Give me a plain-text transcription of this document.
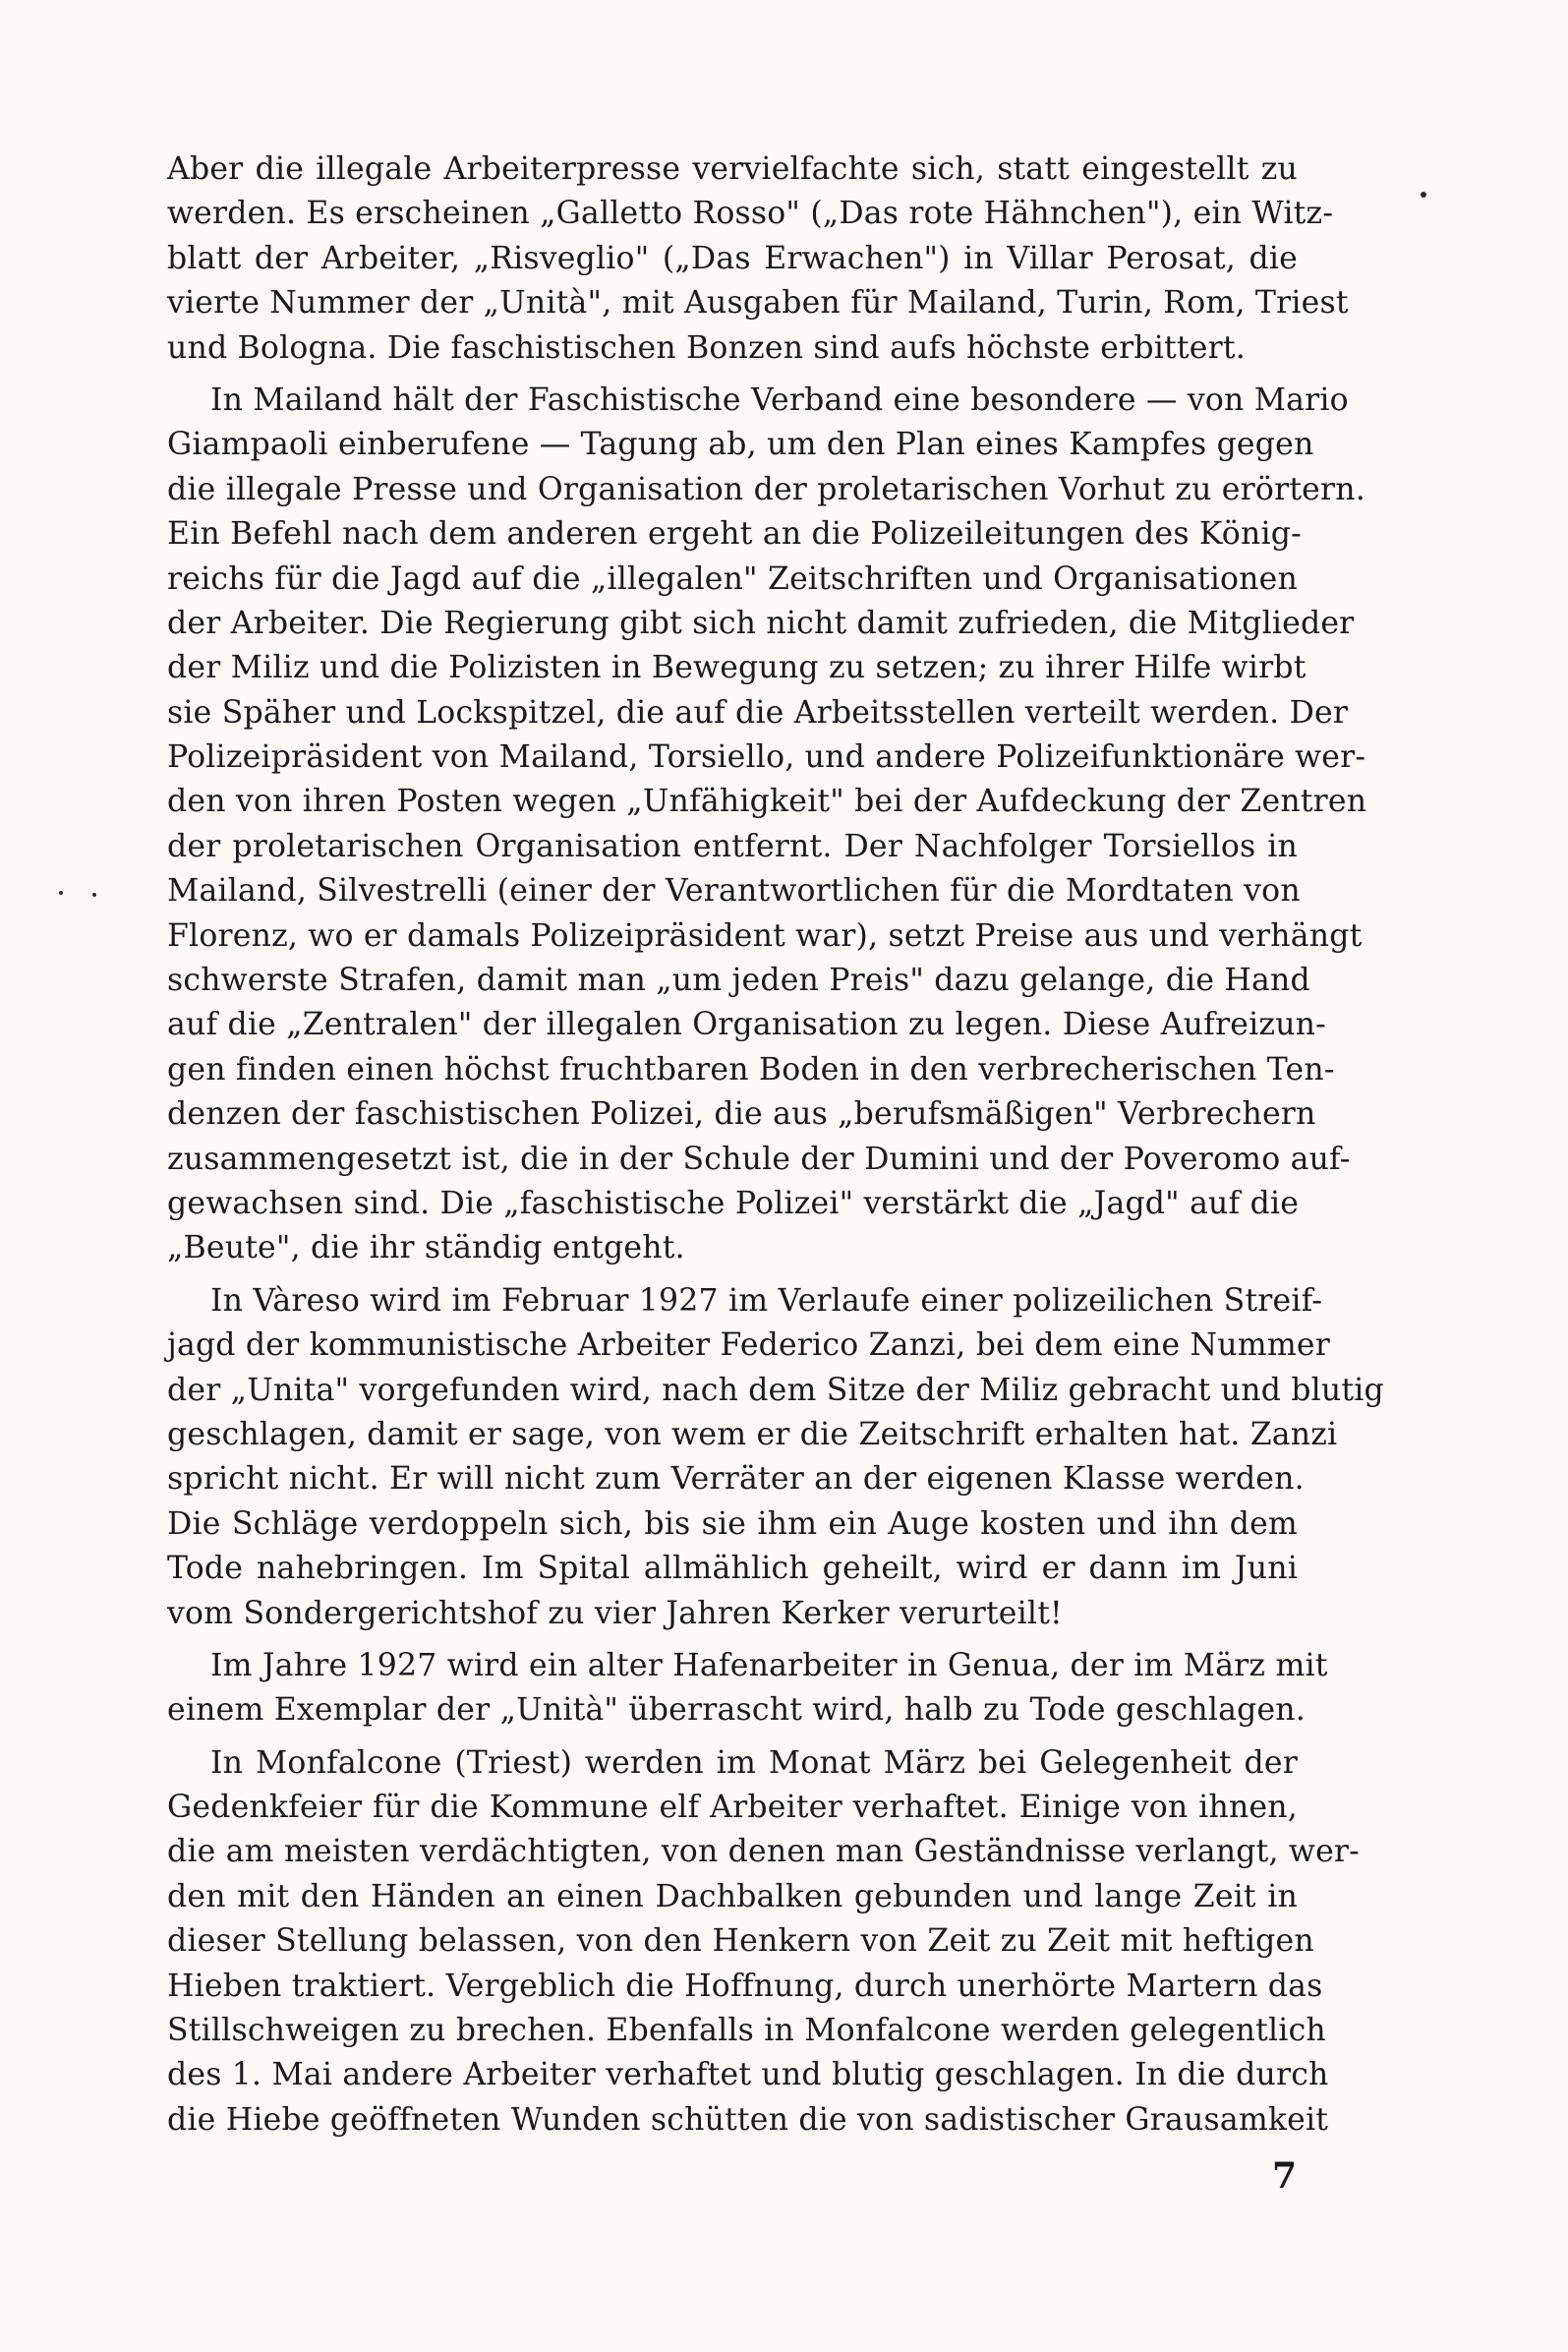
Aber die illegale Arbeiterpresse vervielfachte sich, statt eingestellt zu
werden. Es erscheinen „Galletto Rosso" („Das rote Hähnchen"), ein Witz-
blatt der Arbeiter, „Risveglio" („Das Erwachen") in Villar Perosat, die
vierte Nummer der „Unità", mit Ausgaben für Mailand, Turin, Rom, Triest
und Bologna. Die faschistischen Bonzen sind aufs höchste erbittert.
In Mailand hält der Faschistische Verband eine besondere — von Mario
Giampaoli einberufene — Tagung ab, um den Plan eines Kampfes gegen
die illegale Presse und Organisation der proletarischen Vorhut zu erörtern.
Ein Befehl nach dem anderen ergeht an die Polizeileitungen des König-
reichs für die Jagd auf die „illegalen" Zeitschriften und Organisationen
der Arbeiter. Die Regierung gibt sich nicht damit zufrieden, die Mitglieder
der Miliz und die Polizisten in Bewegung zu setzen; zu ihrer Hilfe wirbt
sie Späher und Lockspitzel, die auf die Arbeitsstellen verteilt werden. Der
Polizeipräsident von Mailand, Torsiello, und andere Polizeifunktionäre wer-
den von ihren Posten wegen „Unfähigkeit" bei der Aufdeckung der Zentren
der proletarischen Organisation entfernt. Der Nachfolger Torsiellos in
Mailand, Silvestrelli (einer der Verantwortlichen für die Mordtaten von
Florenz, wo er damals Polizeipräsident war), setzt Preise aus und verhängt
schwerste Strafen, damit man „um jeden Preis" dazu gelange, die Hand
auf die „Zentralen" der illegalen Organisation zu legen. Diese Aufreizun-
gen finden einen höchst fruchtbaren Boden in den verbrecherischen Ten-
denzen der faschistischen Polizei, die aus „berufsmäßigen" Verbrechern
zusammengesetzt ist, die in der Schule der Dumini und der Poveromo auf-
gewachsen sind. Die „faschistische Polizei" verstärkt die „Jagd" auf die
„Beute", die ihr ständig entgeht.
In Vàreso wird im Februar 1927 im Verlaufe einer polizeilichen Streif-
jagd der kommunistische Arbeiter Federico Zanzi, bei dem eine Nummer
der „Unita" vorgefunden wird, nach dem Sitze der Miliz gebracht und blutig
geschlagen, damit er sage, von wem er die Zeitschrift erhalten hat. Zanzi
spricht nicht. Er will nicht zum Verräter an der eigenen Klasse werden.
Die Schläge verdoppeln sich, bis sie ihm ein Auge kosten und ihn dem
Tode nahebringen. Im Spital allmählich geheilt, wird er dann im Juni
vom Sondergerichtshof zu vier Jahren Kerker verurteilt!
Im Jahre 1927 wird ein alter Hafenarbeiter in Genua, der im März mit
einem Exemplar der „Unità" überrascht wird, halb zu Tode geschlagen.
In Monfalcone (Triest) werden im Monat März bei Gelegenheit der
Gedenkfeier für die Kommune elf Arbeiter verhaftet. Einige von ihnen,
die am meisten verdächtigten, von denen man Geständnisse verlangt, wer-
den mit den Händen an einen Dachbalken gebunden und lange Zeit in
dieser Stellung belassen, von den Henkern von Zeit zu Zeit mit heftigen
Hieben traktiert. Vergeblich die Hoffnung, durch unerhörte Martern das
Stillschweigen zu brechen. Ebenfalls in Monfalcone werden gelegentlich
des 1. Mai andere Arbeiter verhaftet und blutig geschlagen. In die durch
die Hiebe geöffneten Wunden schütten die von sadistischer Grausamkeit
7
